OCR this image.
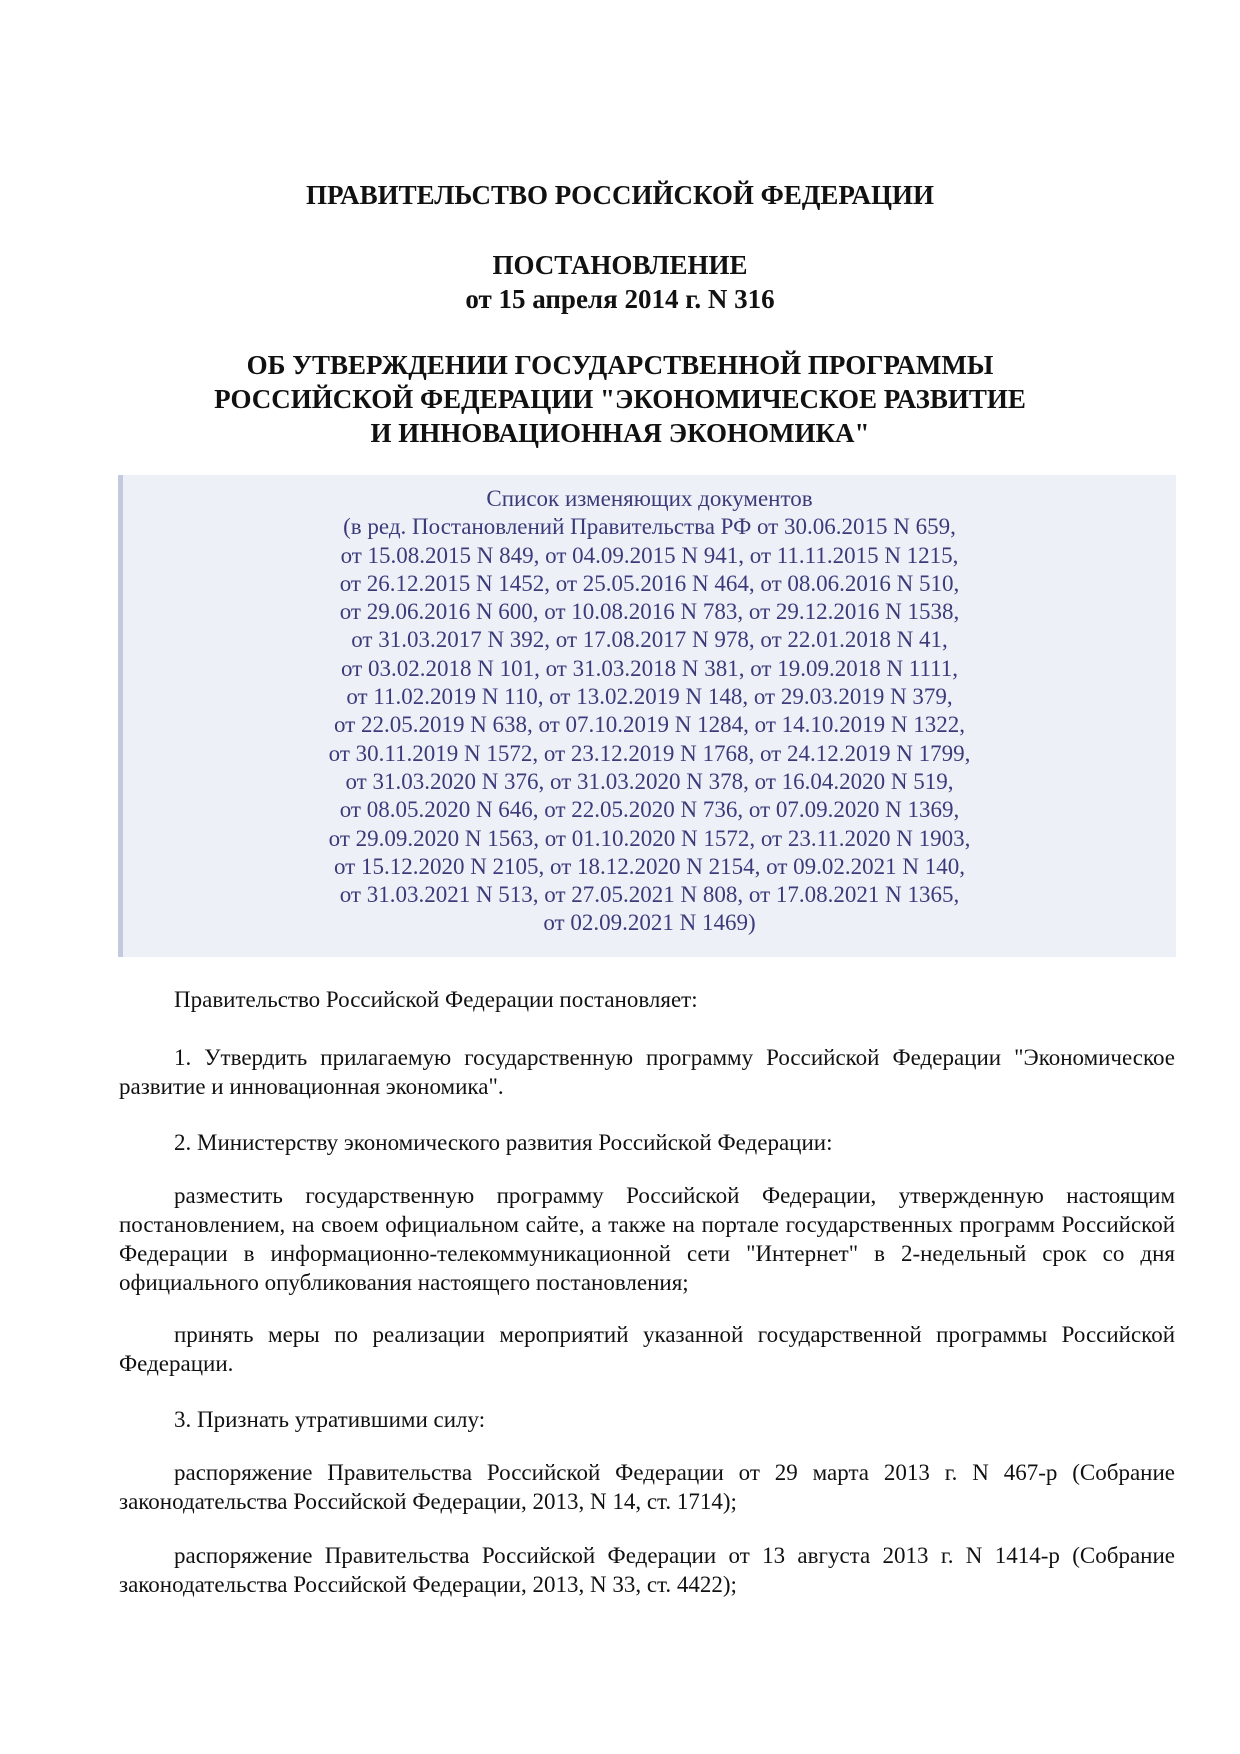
ПРАВИТЕЛЬСТВО РОССИЙСКОЙ ФЕДЕРАЦИИ
ПОСТАНОВЛЕНИЕ
от 15 апреля 2014 г. N 316
ОБ УТВЕРЖДЕНИИ ГОСУДАРСТВЕННОЙ ПРОГРАММЫ
РОССИЙСКОЙ ФЕДЕРАЦИИ "ЭКОНОМИЧЕСКОЕ РАЗВИТИЕ
И ИННОВАЦИОННАЯ ЭКОНОМИКА"
Список изменяющих документов
(в ред. Постановлений Правительства РФ от 30.06.2015 N 659,
от 15.08.2015 N 849, от 04.09.2015 N 941, от 11.11.2015 N 1215,
от 26.12.2015 N 1452, от 25.05.2016 N 464, от 08.06.2016 N 510,
от 29.06.2016 N 600, от 10.08.2016 N 783, от 29.12.2016 N 1538,
от 31.03.2017 N 392, от 17.08.2017 N 978, от 22.01.2018 N 41,
от 03.02.2018 N 101, от 31.03.2018 N 381, от 19.09.2018 N 1111,
от 11.02.2019 N 110, от 13.02.2019 N 148, от 29.03.2019 N 379,
от 22.05.2019 N 638, от 07.10.2019 N 1284, от 14.10.2019 N 1322,
от 30.11.2019 N 1572, от 23.12.2019 N 1768, от 24.12.2019 N 1799,
от 31.03.2020 N 376, от 31.03.2020 N 378, от 16.04.2020 N 519,
от 08.05.2020 N 646, от 22.05.2020 N 736, от 07.09.2020 N 1369,
от 29.09.2020 N 1563, от 01.10.2020 N 1572, от 23.11.2020 N 1903,
от 15.12.2020 N 2105, от 18.12.2020 N 2154, от 09.02.2021 N 140,
от 31.03.2021 N 513, от 27.05.2021 N 808, от 17.08.2021 N 1365,
от 02.09.2021 N 1469)

Правительство Российской Федерации постановляет:

1. Утвердить прилагаемую государственную программу Российской Федерации "Экономическое развитие и инновационная экономика".

2. Министерству экономического развития Российской Федерации:

разместить государственную программу Российской Федерации, утвержденную настоящим постановлением, на своем официальном сайте, а также на портале государственных программ Российской Федерации в информационно-телекоммуникационной сети "Интернет" в 2-недельный срок со дня официального опубликования настоящего постановления;

принять меры по реализации мероприятий указанной государственной программы Российской Федерации.

3. Признать утратившими силу:

распоряжение Правительства Российской Федерации от 29 марта 2013 г. N 467-р (Собрание законодательства Российской Федерации, 2013, N 14, ст. 1714);

распоряжение Правительства Российской Федерации от 13 августа 2013 г. N 1414-р (Собрание законодательства Российской Федерации, 2013, N 33, ст. 4422);
